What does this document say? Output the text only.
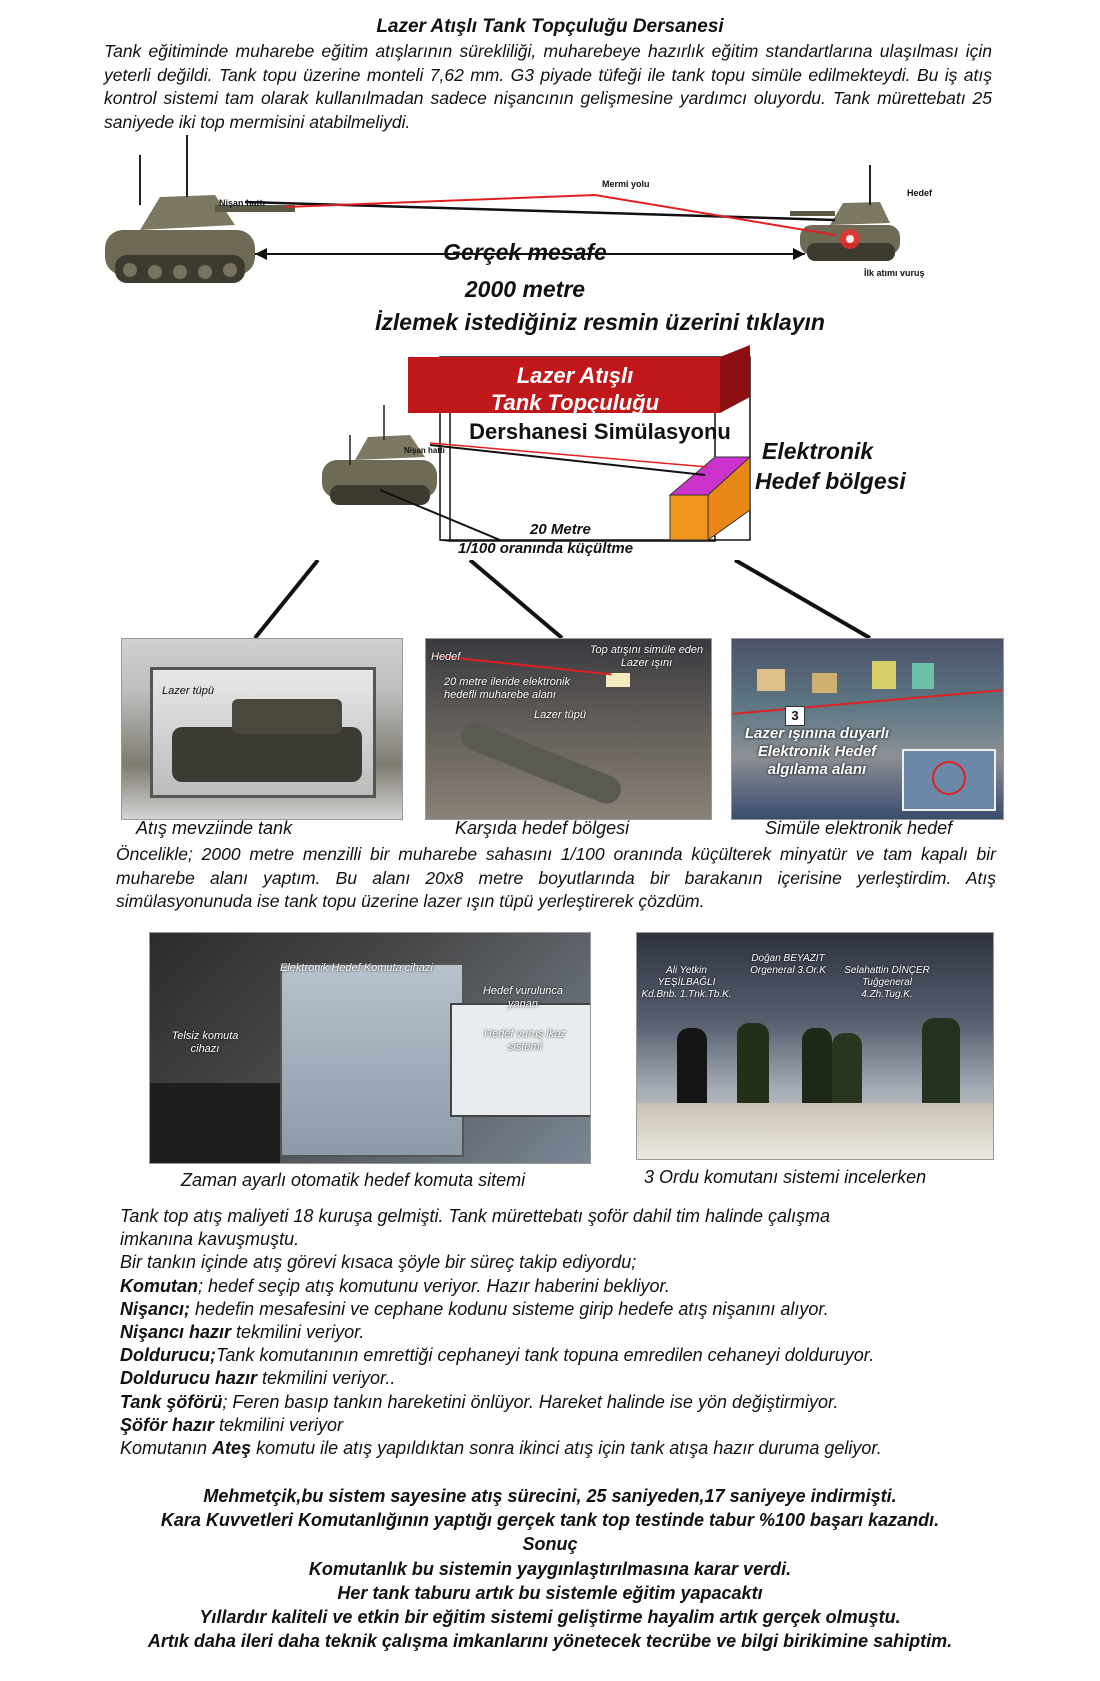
Lazer Atışlı Tank Topçuluğu Dersanesi
Tank eğitiminde muharebe eğitim atışlarının sürekliliği, muharebeye hazırlık eğitim standartlarına ulaşılması için yeterli değildi. Tank topu üzerine monteli 7,62 mm. G3 piyade tüfeği ile tank topu simüle edilmekteydi. Bu iş atış kontrol sistemi tam olarak kullanılmadan sadece nişancının gelişmesine yardımcı oluyordu. Tank mürettebatı 25 saniyede iki top mermisini atabilmeliydi.
Nişan hattı
Mermi yolu
Hedef
İlk atımı vuruş
Gerçek mesafe
2000 metre
İzlemek istediğiniz resmin üzerini tıklayın
Lazer Atışlı
Tank Topçuluğu
Dershanesi Simülasyonu
Nişan hattı	Elektronik
Hedef bölgesi
20 Metre
1/100 oranında küçültme
Lazer tüpü
Hedef
Top atışını simüle eden Lazer ışını
20 metre ileride elektronik hedefli muharebe alanı
Lazer tüpü	3
Lazer ışınına duyarlı Elektronik Hedef algılama alanı
Atış mevziinde tank	Karşıda hedef bölgesi	Simüle elektronik hedef
Öncelikle; 2000 metre menzilli bir muharebe sahasını 1/100 oranında küçülterek minyatür ve tam kapalı bir muharebe alanı yaptım. Bu alanı 20x8 metre boyutlarında bir barakanın içerisine yerleştirdim. Atış simülasyonunuda ise tank topu üzerine lazer ışın tüpü yerleştirerek çözdüm.
Elektronik Hedef Komuta cihazi
Hedef vurulunca yanan
Telsiz komuta cihazı
Hedef vuruş ikaz sistemi
Ali Yetkin YEŞİLBAĞLI Kd.Bnb. 1.Tnk.Tb.K.
Doğan BEYAZIT Orgeneral 3.Or.K	Selahattin DİNÇER Tuğgeneral 4.Zh.Tug.K.
Zaman ayarlı otomatik hedef komuta sitemi	3 Ordu komutanı sistemi incelerken
Tank top atış maliyeti 18 kuruşa gelmişti. Tank mürettebatı şoför dahil tim halinde çalışma
imkanına kavuşmuştu.
Bir tankın içinde atış görevi kısaca şöyle bir süreç takip ediyordu;
Komutan; hedef seçip atış komutunu veriyor. Hazır haberini bekliyor.
Nişancı; hedefin mesafesini ve cephane kodunu sisteme girip hedefe atış nişanını alıyor.
Nişancı hazır tekmilini veriyor.
Doldurucu;Tank komutanının emrettiği cephaneyi tank topuna emredilen cehaneyi dolduruyor.
Doldurucu hazır tekmilini veriyor..
Tank şöförü; Feren basıp tankın hareketini önlüyor. Hareket halinde ise yön değiştirmiyor.
Şöför hazır tekmilini veriyor
Komutanın Ateş komutu ile atış yapıldıktan sonra ikinci atış için tank atışa hazır duruma geliyor.
Mehmetçik,bu sistem sayesine atış sürecini, 25 saniyeden,17 saniyeye indirmişti.
Kara Kuvvetleri Komutanlığının yaptığı gerçek tank top testinde tabur %100 başarı kazandı.
Sonuç
Komutanlık bu sistemin yaygınlaştırılmasına karar verdi.
Her tank taburu artık bu sistemle eğitim yapacaktı
Yıllardır kaliteli ve etkin bir eğitim sistemi geliştirme hayalim artık gerçek olmuştu.
Artık daha ileri daha teknik çalışma imkanlarını yönetecek tecrübe ve bilgi birikimine sahiptim.
